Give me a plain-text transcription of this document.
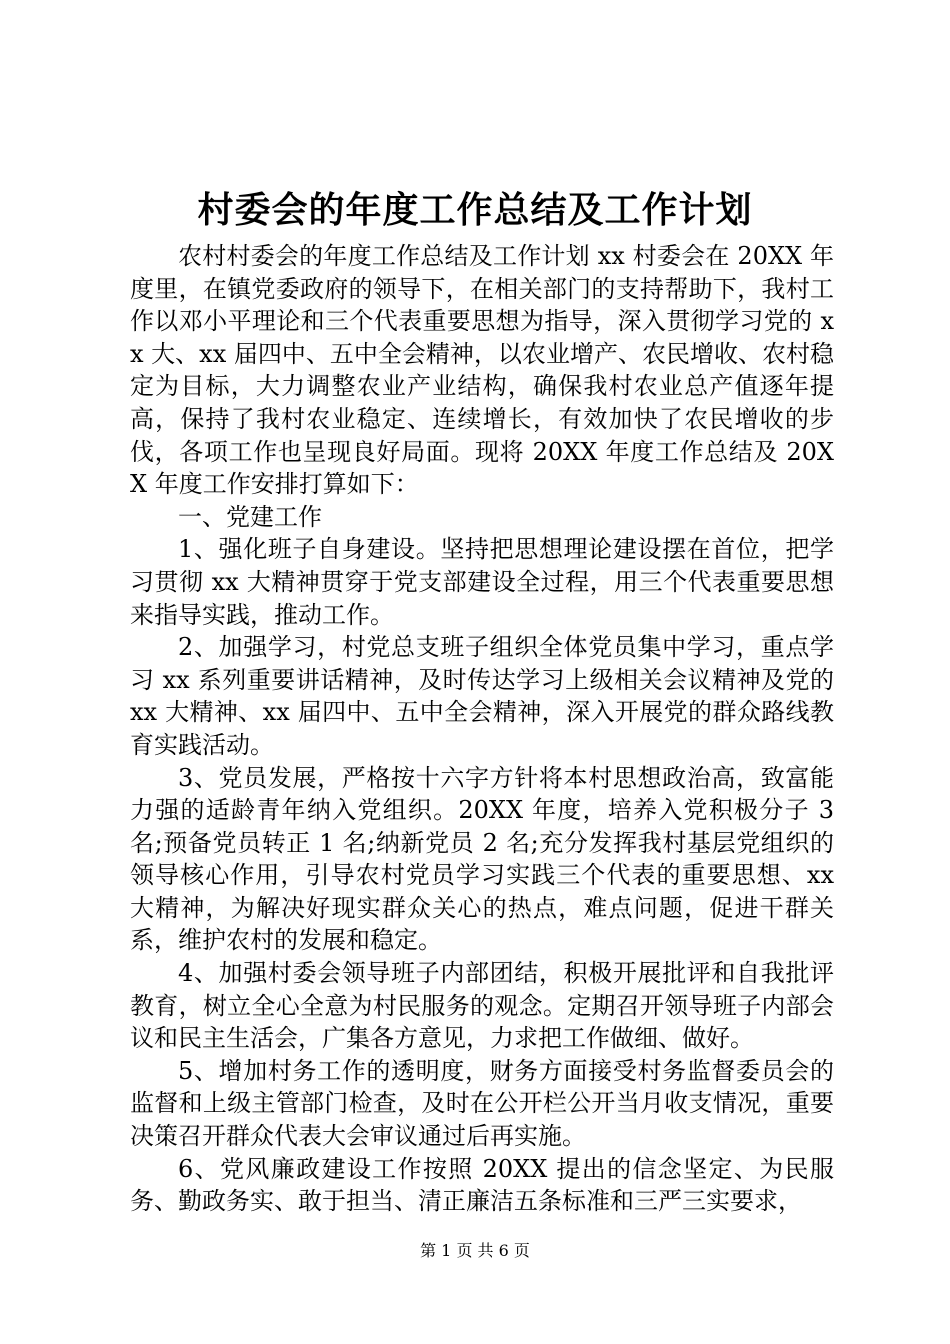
村委会的年度工作总结及工作计划

农村村委会的年度工作总结及工作计划 xx 村委会在 20XX 年度里，在镇党委政府的领导下，在相关部门的支持帮助下，我村工作以邓小平理论和三个代表重要思想为指导，深入贯彻学习党的 xx 大、xx 届四中、五中全会精神，以农业增产、农民增收、农村稳定为目标，大力调整农业产业结构，确保我村农业总产值逐年提高，保持了我村农业稳定、连续增长，有效加快了农民增收的步伐，各项工作也呈现良好局面。现将 20XX 年度工作总结及 20XX 年度工作安排打算如下：

一、党建工作

1、强化班子自身建设。坚持把思想理论建设摆在首位，把学习贯彻 xx 大精神贯穿于党支部建设全过程，用三个代表重要思想来指导实践，推动工作。

2、加强学习，村党总支班子组织全体党员集中学习，重点学习 xx 系列重要讲话精神，及时传达学习上级相关会议精神及党的 xx 大精神、xx 届四中、五中全会精神，深入开展党的群众路线教育实践活动。

3、党员发展，严格按十六字方针将本村思想政治高，致富能力强的适龄青年纳入党组织。20XX 年度，培养入党积极分子 3 名;预备党员转正 1 名;纳新党员 2 名;充分发挥我村基层党组织的领导核心作用，引导农村党员学习实践三个代表的重要思想、xx 大精神，为解决好现实群众关心的热点，难点问题，促进干群关系，维护农村的发展和稳定。

4、加强村委会领导班子内部团结，积极开展批评和自我批评教育，树立全心全意为村民服务的观念。定期召开领导班子内部会议和民主生活会，广集各方意见，力求把工作做细、做好。

5、增加村务工作的透明度，财务方面接受村务监督委员会的监督和上级主管部门检查，及时在公开栏公开当月收支情况，重要决策召开群众代表大会审议通过后再实施。

6、党风廉政建设工作按照 20XX 提出的信念坚定、为民服务、勤政务实、敢于担当、清正廉洁五条标准和三严三实要求，

第 1 页 共 6 页
